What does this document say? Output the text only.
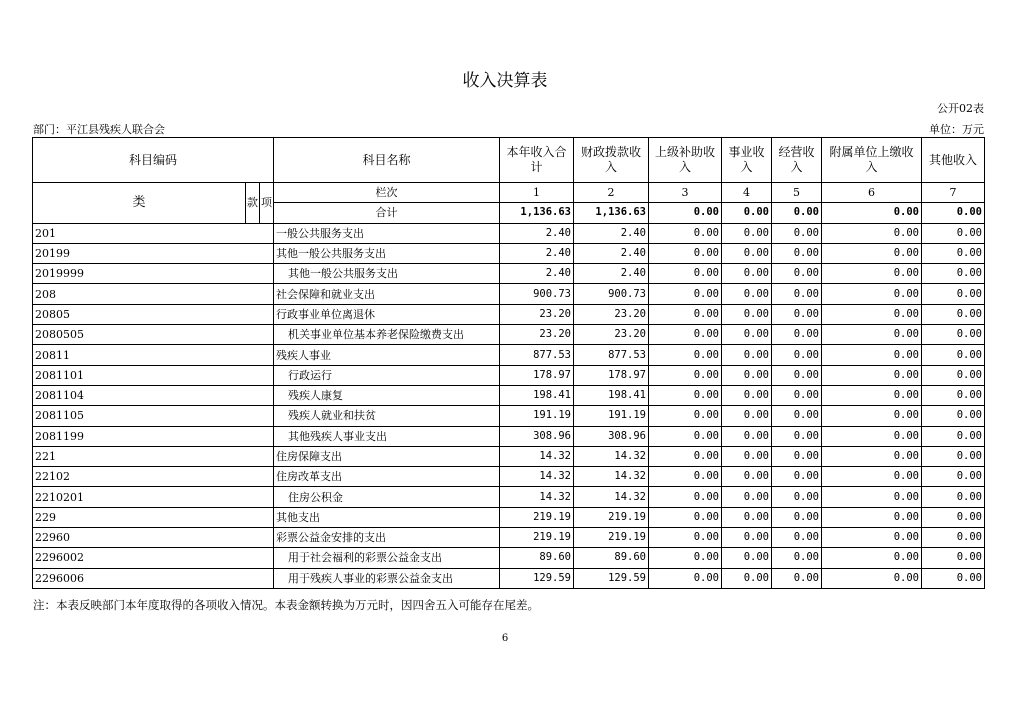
收入决算表
公开02表
部门：平江县残疾人联合会	单位：万元
科目编码			科目名称	本年收入合计	财政拨款收入	上级补助收入	事业收入	经营收入	附属单位上缴收入	其他收入
类	款	项	栏次	1	2	3	4	5	6	7
			合计	1,136.63	1,136.63	0.00	0.00	0.00	0.00	0.00
201			一般公共服务支出	2.40	2.40	0.00	0.00	0.00	0.00	0.00
20199			其他一般公共服务支出	2.40	2.40	0.00	0.00	0.00	0.00	0.00
2019999			其他一般公共服务支出	2.40	2.40	0.00	0.00	0.00	0.00	0.00
208			社会保障和就业支出	900.73	900.73	0.00	0.00	0.00	0.00	0.00
20805			行政事业单位离退休	23.20	23.20	0.00	0.00	0.00	0.00	0.00
2080505			机关事业单位基本养老保险缴费支出	23.20	23.20	0.00	0.00	0.00	0.00	0.00
20811			残疾人事业	877.53	877.53	0.00	0.00	0.00	0.00	0.00
2081101			行政运行	178.97	178.97	0.00	0.00	0.00	0.00	0.00
2081104			残疾人康复	198.41	198.41	0.00	0.00	0.00	0.00	0.00
2081105			残疾人就业和扶贫	191.19	191.19	0.00	0.00	0.00	0.00	0.00
2081199			其他残疾人事业支出	308.96	308.96	0.00	0.00	0.00	0.00	0.00
221			住房保障支出	14.32	14.32	0.00	0.00	0.00	0.00	0.00
22102			住房改革支出	14.32	14.32	0.00	0.00	0.00	0.00	0.00
2210201			住房公积金	14.32	14.32	0.00	0.00	0.00	0.00	0.00
229			其他支出	219.19	219.19	0.00	0.00	0.00	0.00	0.00
22960			彩票公益金安排的支出	219.19	219.19	0.00	0.00	0.00	0.00	0.00
2296002			用于社会福利的彩票公益金支出	89.60	89.60	0.00	0.00	0.00	0.00	0.00
2296006			用于残疾人事业的彩票公益金支出	129.59	129.59	0.00	0.00	0.00	0.00	0.00
注：本表反映部门本年度取得的各项收入情况。本表金额转换为万元时，因四舍五入可能存在尾差。
6
